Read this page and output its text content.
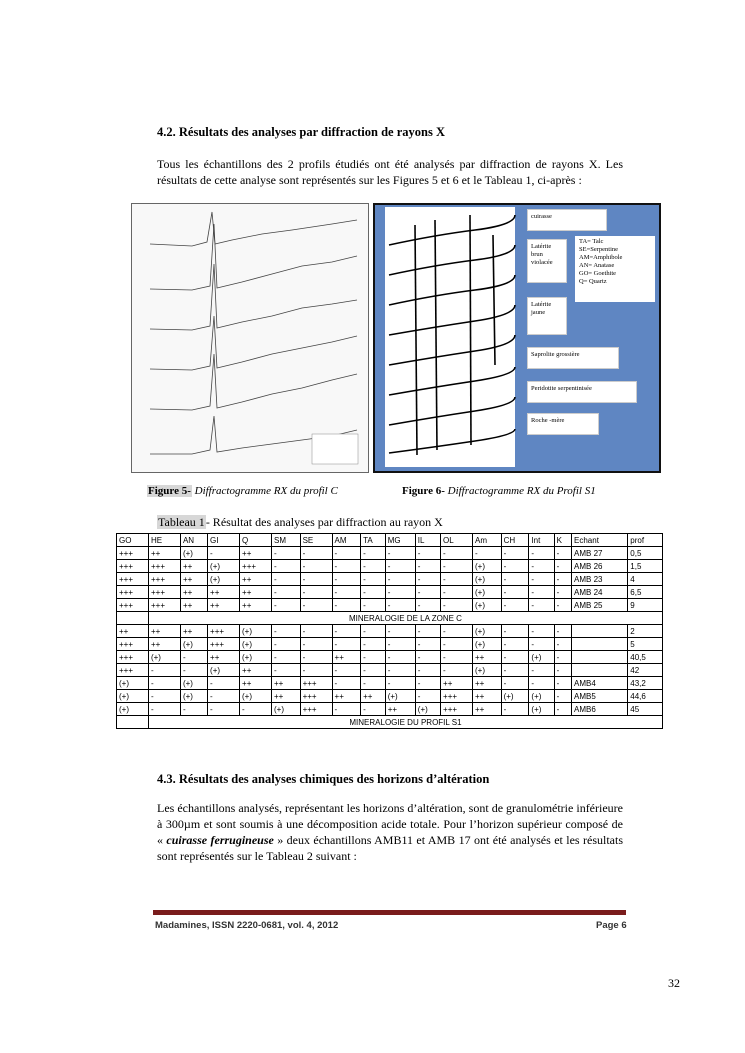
4.2. Résultats des analyses par diffraction de rayons X
Tous les échantillons des 2 profils étudiés ont été analysés par diffraction de rayons X. Les résultats de cette analyse sont représentés sur les Figures 5 et 6 et le Tableau 1, ci-après :
cuirasse
Latérite brun violacée
Latérite jaune
Saprolite grossière
Peridotite serpentinisée
Roche -mère
TA= Talc
SE=Serpentine
AM=Amphibole
AN= Anatase
GO= Goethite
Q= Quartz
Figure 5- Diffractogramme RX du profil C	Figure 6- Diffractogramme RX du Profil S1
Tableau 1- Résultat des analyses par diffraction au rayon X
GO	HE	AN	GI	Q	SM	SE	AM	TA	MG	IL	OL	Am	CH	Int	K	Echant	prof
+++	++	(+)	-	++	-	-	-	-	-	-	-	-	-	-	-	AMB 27	0,5
+++	+++	++	(+)	+++	-	-	-	-	-	-	-	(+)	-	-	-	AMB 26	1,5
+++	+++	++	(+)	++	-	-	-	-	-	-	-	(+)	-	-	-	AMB 23	4
+++	+++	++	++	++	-	-	-	-	-	-	-	(+)	-	-	-	AMB 24	6,5
+++	+++	++	++	++	-	-	-	-	-	-	-	(+)	-	-	-	AMB 25	9
	MINERALOGIE DE LA ZONE C																
++	++	++	+++	(+)	-	-	-	-	-	-	-	(+)	-	-	-		2
+++	++	(+)	+++	(+)	-	-	-	-	-	-	-	(+)	-	-	-		5
+++	(+)	-	++	(+)	-	-	++	-	-	-	-	++	-	(+)	-		40,5
+++	-	-	(+)	++	-	-	-	-	-	-	-	(+)	-	-	-		42
(+)	-	(+)	-	++	++	+++	-	-	-	-	++	++	-	-	-	AMB4	43,2
(+)	-	(+)	-	(+)	++	+++	++	++	(+)	-	+++	++	(+)	(+)	-	AMB5	44,6
(+)	-	-	-	-	(+)	+++	-	-	++	(+)	+++	++	-	(+)	-	AMB6	45
	MINERALOGIE DU PROFIL S1																
4.3. Résultats des analyses chimiques des horizons d’altération
Les échantillons analysés, représentant les horizons d’altération, sont de granulométrie inférieure à 300µm et sont soumis à une décomposition acide totale. Pour l’horizon supérieur composé de « cuirasse ferrugineuse » deux échantillons AMB11 et AMB 17 ont été analysés et les résultats sont représentés sur le Tableau 2 suivant :
Madamines, ISSN 2220-0681, vol. 4, 2012	Page 6
32
